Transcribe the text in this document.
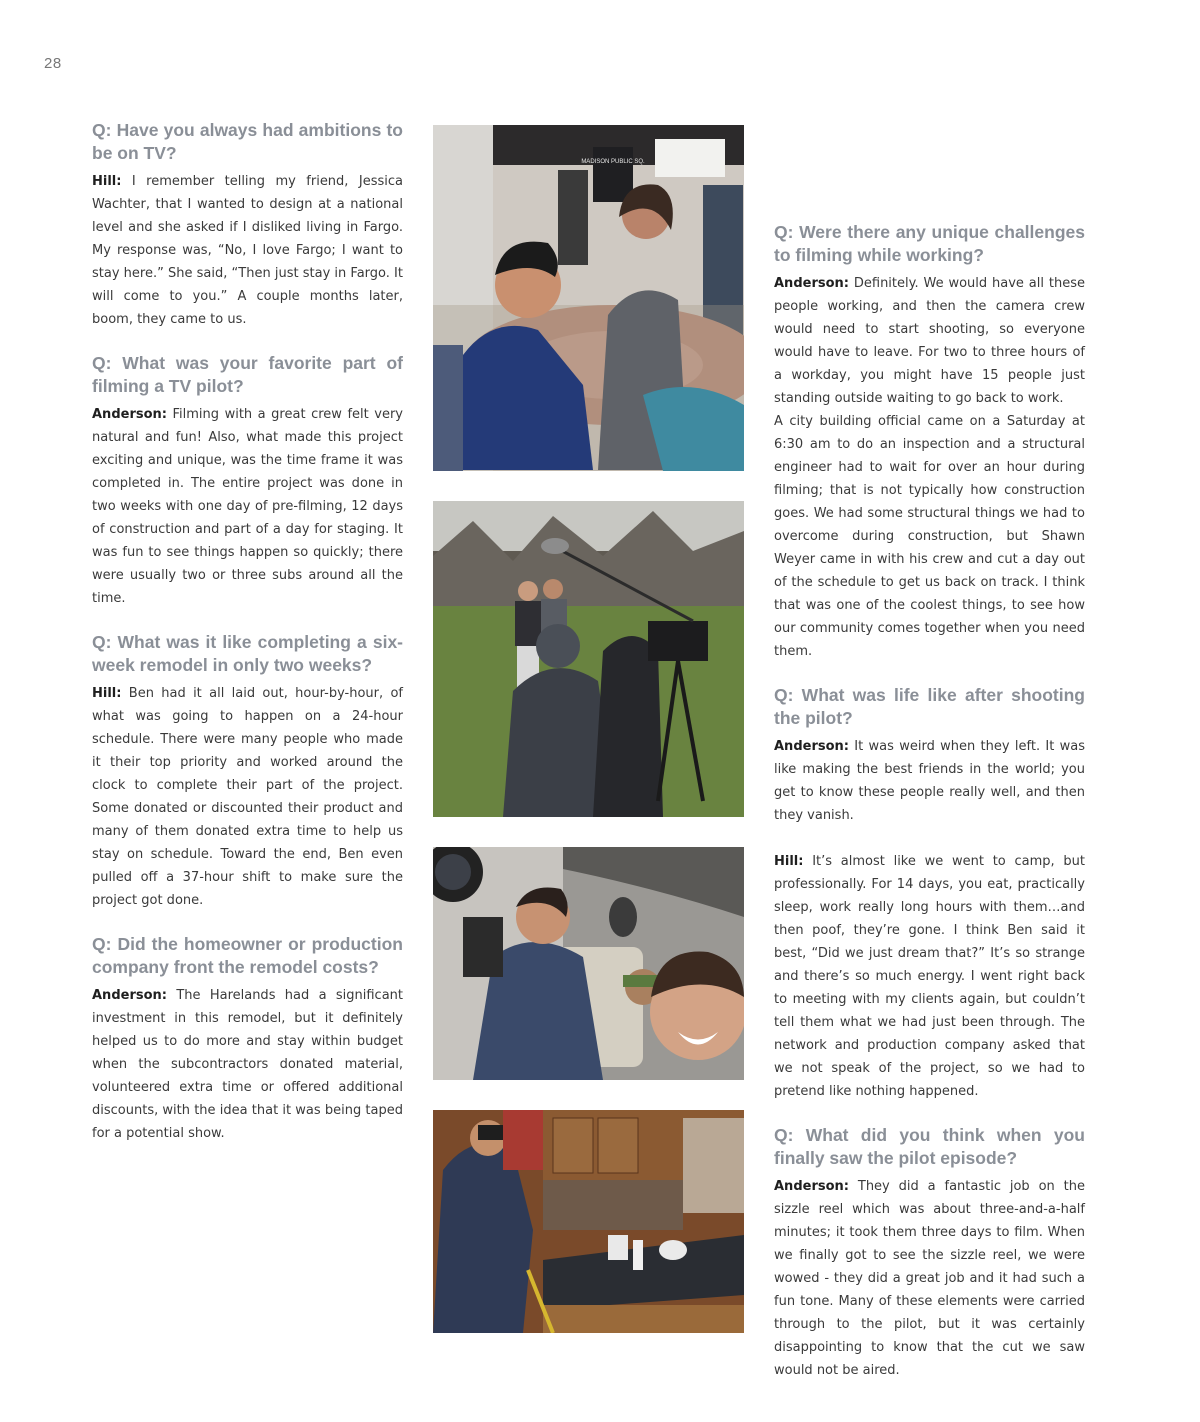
28
Q: Have you always had ambitions to be on TV?

Hill: I remember telling my friend, Jessica Wachter, that I wanted to design at a national level and she asked if I disliked living in Fargo. My response was, “No, I love Fargo; I want to stay here.” She said, “Then just stay in Fargo. It will come to you.” A couple months later, boom, they came to us.

Q: What was your favorite part of filming a TV pilot?

Anderson: Filming with a great crew felt very natural and fun! Also, what made this project exciting and unique, was the time frame it was completed in. The entire project was done in two weeks with one day of pre-filming, 12 days of construction and part of a day for staging. It was fun to see things happen so quickly; there were usually two or three subs around all the time.

Q: What was it like completing a six-week remodel in only two weeks?

Hill: Ben had it all laid out, hour-by-hour, of what was going to happen on a 24-hour schedule. There were many people who made it their top priority and worked around the clock to complete their part of the project. Some donated or discounted their product and many of them donated extra time to help us stay on schedule. Toward the end, Ben even pulled off a 37-hour shift to make sure the project got done.

Q: Did the homeowner or production company front the remodel costs?

Anderson: The Harelands had a significant investment in this remodel, but it definitely helped us to do more and stay within budget when the subcontractors donated material, volunteered extra time or offered additional discounts, with the idea that it was being taped for a potential show.

MADISON PUBLIC SQ.
Q: Were there any unique challenges to filming while working?

Anderson: Definitely. We would have all these people working, and then the camera crew would need to start shooting, so everyone would have to leave. For two to three hours of a workday, you might have 15 people just standing outside waiting to go back to work.

A city building official came on a Saturday at 6:30 am to do an inspection and a structural engineer had to wait for over an hour during filming; that is not typically how construction goes. We had some structural things we had to overcome during construction, but Shawn Weyer came in with his crew and cut a day out of the schedule to get us back on track. I think that was one of the coolest things, to see how our community comes together when you need them.

Q: What was life like after shooting the pilot?

Anderson: It was weird when they left. It was like making the best friends in the world; you get to know these people really well, and then they vanish.

Hill: It’s almost like we went to camp, but professionally. For 14 days, you eat, practically sleep, work really long hours with them…and then poof, they’re gone. I think Ben said it best, “Did we just dream that?” It’s so strange and there’s so much energy. I went right back to meeting with my clients again, but couldn’t tell them what we had just been through. The network and production company asked that we not speak of the project, so we had to pretend like nothing happened.

Q: What did you think when you finally saw the pilot episode?

Anderson: They did a fantastic job on the sizzle reel which was about three-and-a-half minutes; it took them three days to film. When we finally got to see the sizzle reel, we were wowed - they did a great job and it had such a fun tone. Many of these elements were carried through to the pilot, but it was certainly disappointing to know that the cut we saw would not be aired.
